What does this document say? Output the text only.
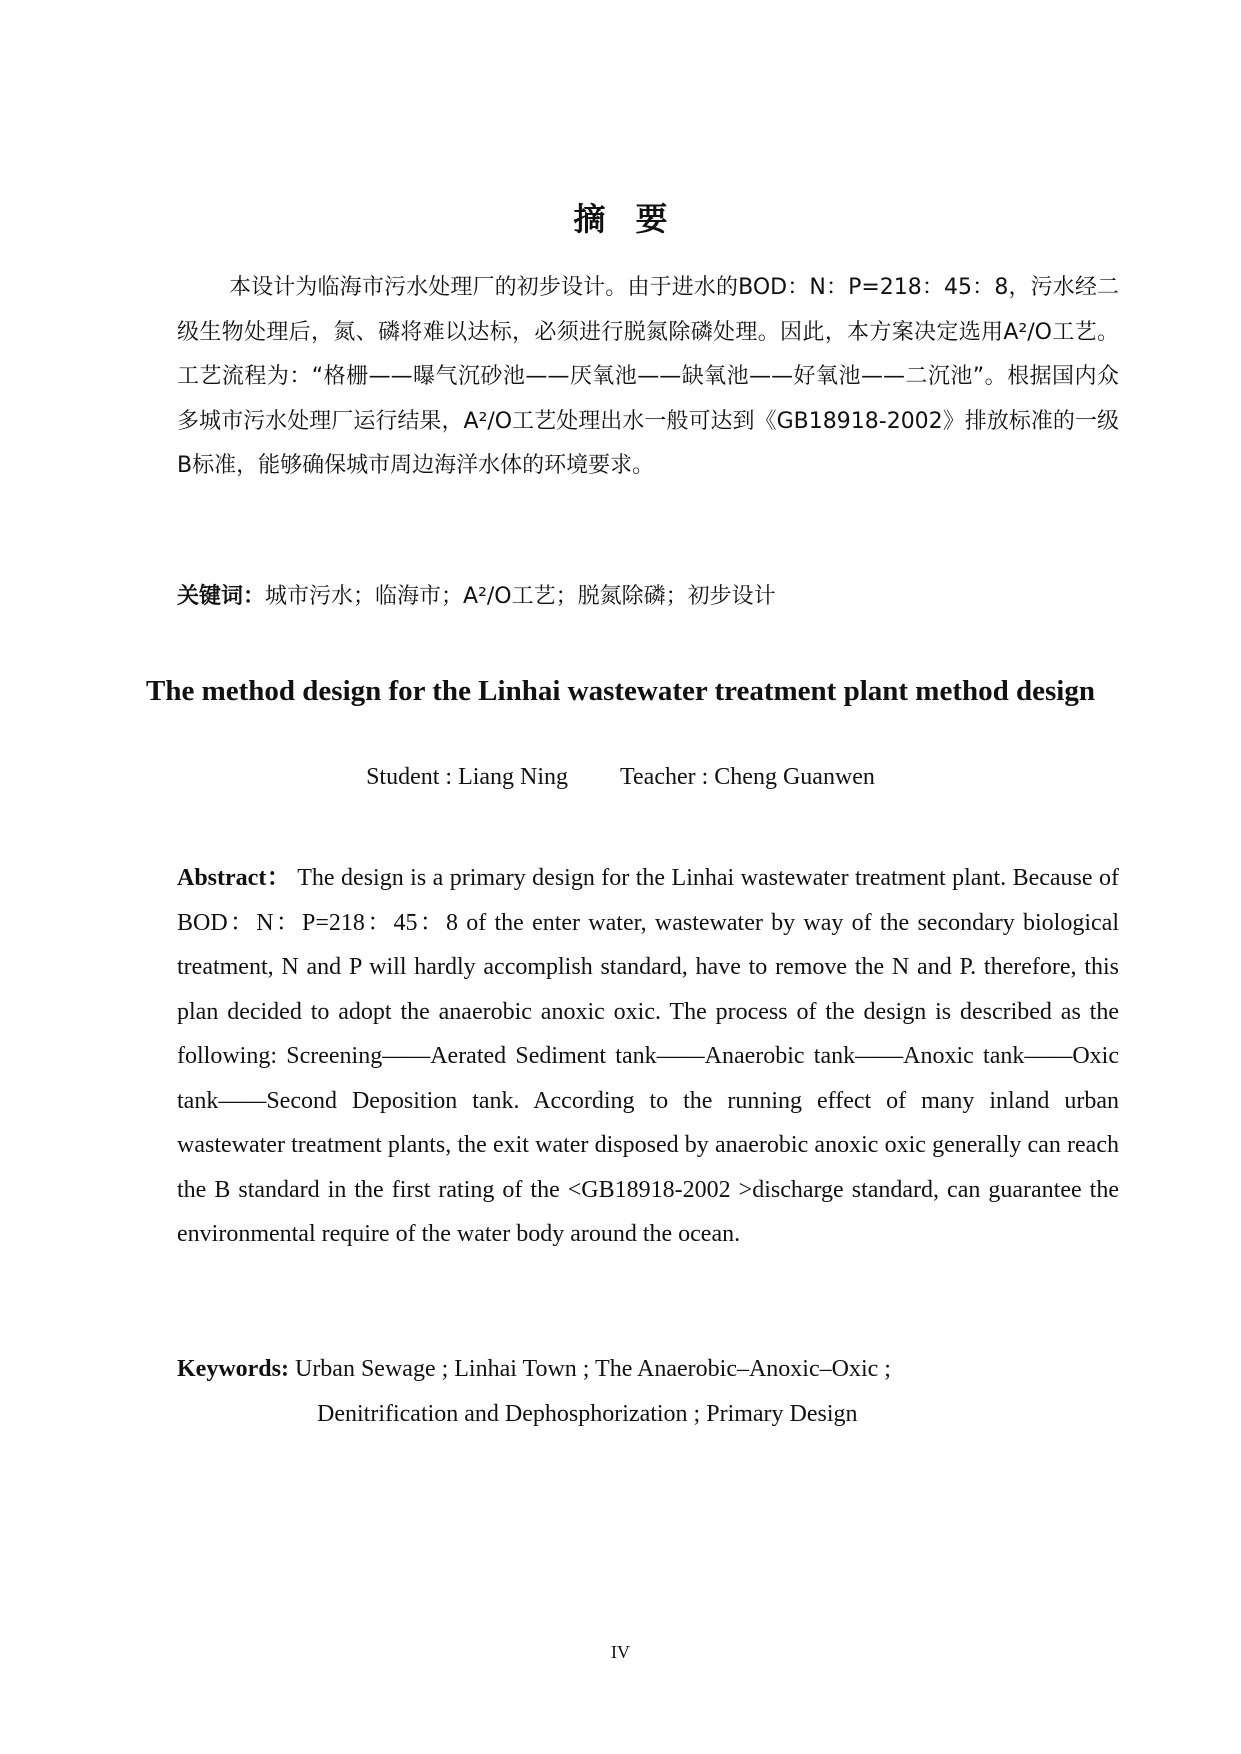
摘要

本设计为临海市污水处理厂的初步设计。由于进水的BOD：N：P=218：45：8，污水经二级生物处理后，氮、磷将难以达标，必须进行脱氮除磷处理。因此，本方案决定选用A²/O工艺。工艺流程为：“格栅——曝气沉砂池——厌氧池——缺氧池——好氧池——二沉池”。根据国内众多城市污水处理厂运行结果，A²/O工艺处理出水一般可达到《GB18918-2002》排放标准的一级B标准，能够确保城市周边海洋水体的环境要求。

关键词：城市污水；临海市；A²/O工艺；脱氮除磷；初步设计

The method design for the Linhai wastewater treatment plant method design

Student : Liang Ning Teacher : Cheng Guanwen

Abstract： The design is a primary design for the Linhai wastewater treatment plant. Because of BOD：N：P=218：45：8 of the enter water, wastewater by way of the secondary biological treatment, N and P will hardly accomplish standard, have to remove the N and P. therefore, this plan decided to adopt the anaerobic anoxic oxic. The process of the design is described as the following: Screening——Aerated Sediment tank——Anaerobic tank——Anoxic tank——Oxic tank——Second Deposition tank. According to the running effect of many inland urban wastewater treatment plants, the exit water disposed by anaerobic anoxic oxic generally can reach the B standard in the first rating of the <GB18918-2002 >discharge standard, can guarantee the environmental require of the water body around the ocean.

Keywords: Urban Sewage ; Linhai Town ; The Anaerobic–Anoxic–Oxic ;
Denitrification and Dephosphorization ; Primary Design

IV
